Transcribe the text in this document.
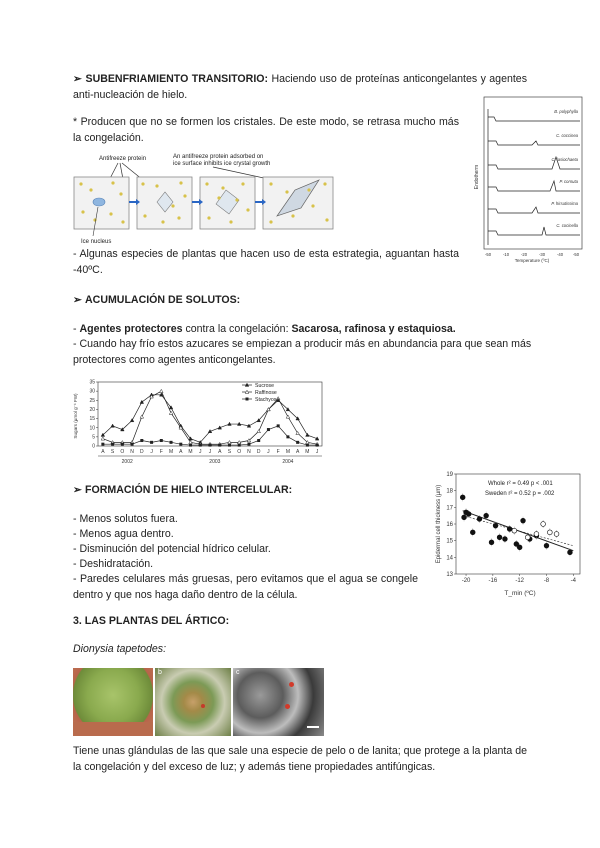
➢ SUBENFRIAMIENTO TRANSITORIO: Haciendo uso de proteínas anticongelantes y agentes anti-nucleación de hielo.
* Producen que no se formen los cristales. De este modo, se retrasa mucho más la congelación.
Antifreeze protein	An antifreeze protein adsorbed on
ice surface inhibits ice crystal growth
Ice nucleus
- Algunas especies de plantas que hacen uso de esta estrategia, aguantan hasta -40ºC.
Endotherm
B. polyphylla
C. coccinea
C. lasiochaeta
P. cornuta
P. hirsutissima
C. cocinella
-50	-10	-20	-30	-40 -50
Temperature (ºC)
➢ ACUMULACIÓN DE SOLUTOS:
- Agentes protectores contra la congelación: Sacarosa, rafinosa y estaquiosa.
- Cuando hay frío estos azucares se empiezan a producir más en abundancia para que sean más protectores como agentes anticongelantes.
0
5
10
15
20
25
30
35
A S O N D J F M A M J J A S O N D J F M A M J
2002	2003	2004
Sucrose
Raffinose
Stachyose
Sugars (µmol g⁻¹ FW)
➢ FORMACIÓN DE HIELO INTERCELULAR:
- Menos solutos fuera.
- Menos agua dentro.
- Disminución del potencial hídrico celular.
- Deshidratación.
- Paredes celulares más gruesas, pero evitamos que el agua se congele dentro y que nos haga daño dentro de la célula.
-20	-16	-12	-8	-4
13
14
15
16
17
18
19
Whole r² = 0.49 p < .001
Sweden r² = 0.52 p = .002
Epidermal cell thickness (µm)
T_min (ºC)
3. LAS PLANTAS DEL ÁRTICO:
Dionysia tapetodes:
b	c
Tiene unas glándulas de las que sale una especie de pelo o de lanita; que protege a la planta de la congelación y del exceso de luz; y además tiene propiedades antifúngicas.
